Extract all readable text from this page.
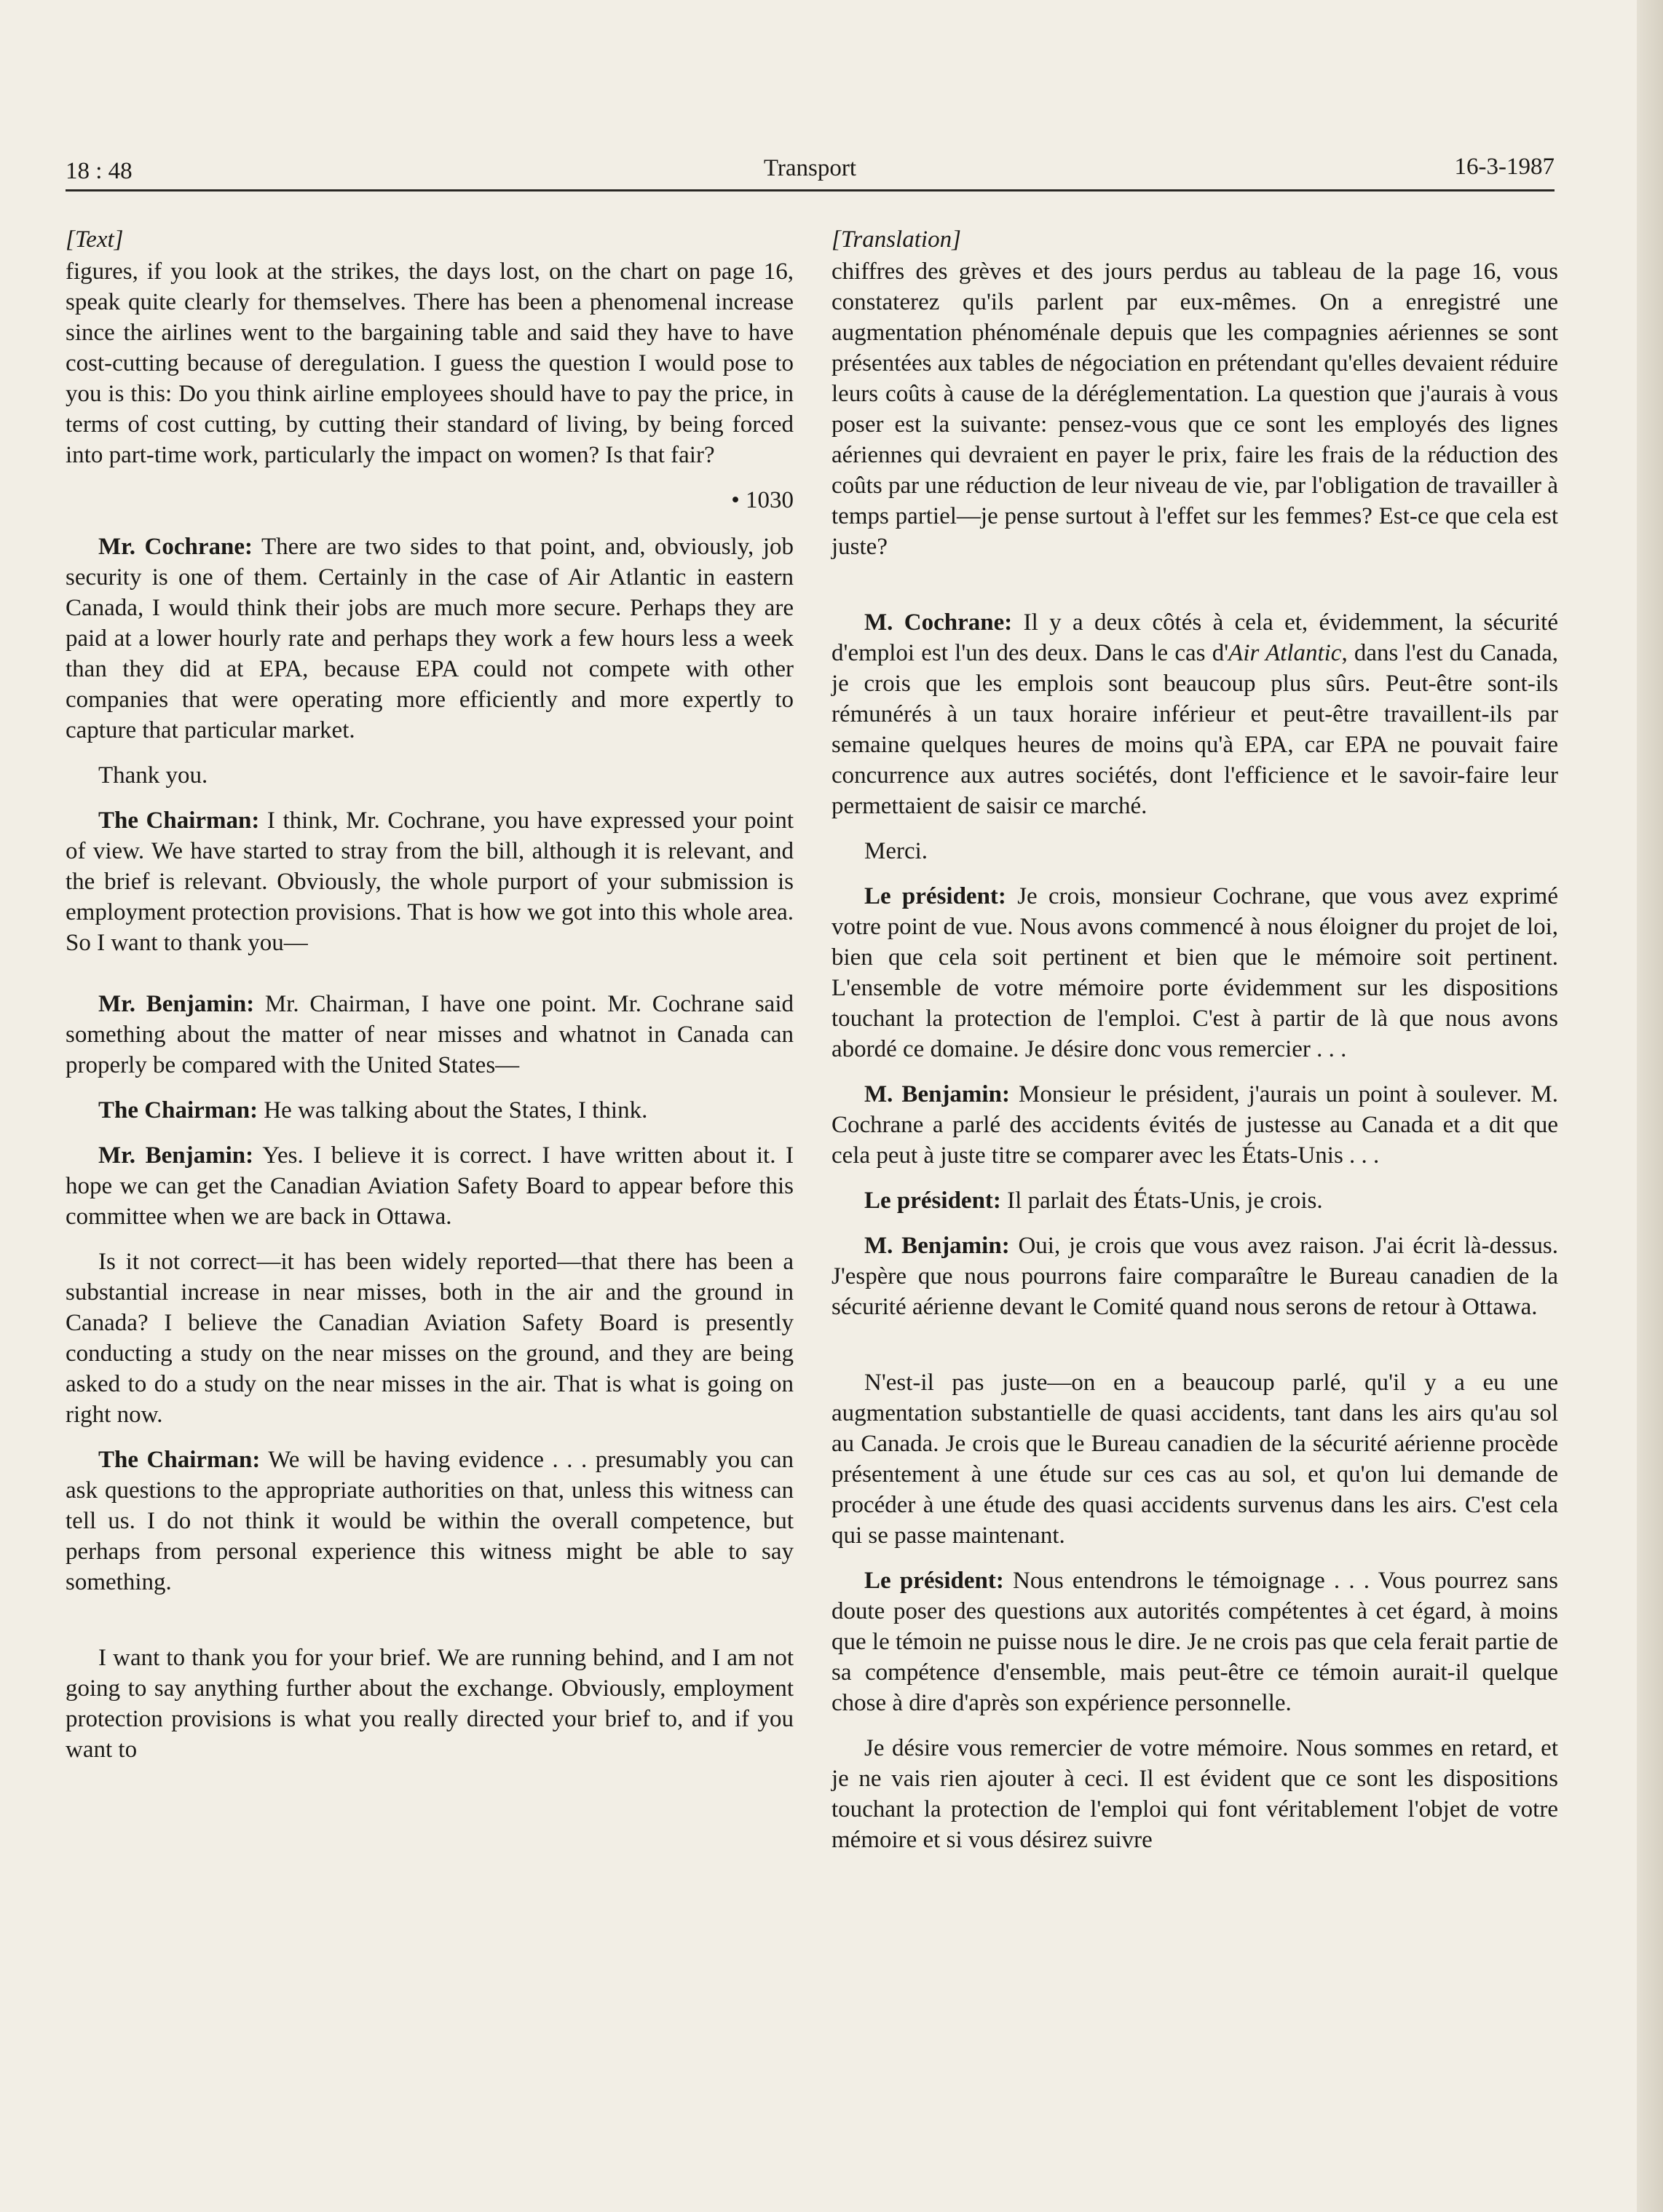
18 : 48	Transport	16-3-1987

[Text]

figures, if you look at the strikes, the days lost, on the chart on page 16, speak quite clearly for themselves. There has been a phenomenal increase since the airlines went to the bargaining table and said they have to have cost-cutting because of deregulation. I guess the question I would pose to you is this: Do you think airline employees should have to pay the price, in terms of cost cutting, by cutting their standard of living, by being forced into part-time work, particularly the impact on women? Is that fair?

• 1030

Mr. Cochrane: There are two sides to that point, and, obviously, job security is one of them. Certainly in the case of Air Atlantic in eastern Canada, I would think their jobs are much more secure. Perhaps they are paid at a lower hourly rate and perhaps they work a few hours less a week than they did at EPA, because EPA could not compete with other companies that were operating more efficiently and more expertly to capture that particular market.

Thank you.

The Chairman: I think, Mr. Cochrane, you have expressed your point of view. We have started to stray from the bill, although it is relevant, and the brief is relevant. Obviously, the whole purport of your submission is employment protection provisions. That is how we got into this whole area. So I want to thank you—

Mr. Benjamin: Mr. Chairman, I have one point. Mr. Cochrane said something about the matter of near misses and whatnot in Canada can properly be compared with the United States—

The Chairman: He was talking about the States, I think.

Mr. Benjamin: Yes. I believe it is correct. I have written about it. I hope we can get the Canadian Aviation Safety Board to appear before this committee when we are back in Ottawa.

Is it not correct—it has been widely reported—that there has been a substantial increase in near misses, both in the air and the ground in Canada? I believe the Canadian Aviation Safety Board is presently conducting a study on the near misses on the ground, and they are being asked to do a study on the near misses in the air. That is what is going on right now.

The Chairman: We will be having evidence . . . presumably you can ask questions to the appropriate authorities on that, unless this witness can tell us. I do not think it would be within the overall competence, but perhaps from personal experience this witness might be able to say something.

I want to thank you for your brief. We are running behind, and I am not going to say anything further about the exchange. Obviously, employment protection provisions is what you really directed your brief to, and if you want to

[Translation]

chiffres des grèves et des jours perdus au tableau de la page 16, vous constaterez qu'ils parlent par eux-mêmes. On a enregistré une augmentation phénoménale depuis que les compagnies aériennes se sont présentées aux tables de négociation en prétendant qu'elles devaient réduire leurs coûts à cause de la déréglementation. La question que j'aurais à vous poser est la suivante: pensez-vous que ce sont les employés des lignes aériennes qui devraient en payer le prix, faire les frais de la réduction des coûts par une réduction de leur niveau de vie, par l'obligation de travailler à temps partiel—je pense surtout à l'effet sur les femmes? Est-ce que cela est juste?

M. Cochrane: Il y a deux côtés à cela et, évidemment, la sécurité d'emploi est l'un des deux. Dans le cas d'Air Atlantic, dans l'est du Canada, je crois que les emplois sont beaucoup plus sûrs. Peut-être sont-ils rémunérés à un taux horaire inférieur et peut-être travaillent-ils par semaine quelques heures de moins qu'à EPA, car EPA ne pouvait faire concurrence aux autres sociétés, dont l'efficience et le savoir-faire leur permettaient de saisir ce marché.

Merci.

Le président: Je crois, monsieur Cochrane, que vous avez exprimé votre point de vue. Nous avons commencé à nous éloigner du projet de loi, bien que cela soit pertinent et bien que le mémoire soit pertinent. L'ensemble de votre mémoire porte évidemment sur les dispositions touchant la protection de l'emploi. C'est à partir de là que nous avons abordé ce domaine. Je désire donc vous remercier . . .

M. Benjamin: Monsieur le président, j'aurais un point à soulever. M. Cochrane a parlé des accidents évités de justesse au Canada et a dit que cela peut à juste titre se comparer avec les États-Unis . . .

Le président: Il parlait des États-Unis, je crois.

M. Benjamin: Oui, je crois que vous avez raison. J'ai écrit là-dessus. J'espère que nous pourrons faire comparaître le Bureau canadien de la sécurité aérienne devant le Comité quand nous serons de retour à Ottawa.

N'est-il pas juste—on en a beaucoup parlé, qu'il y a eu une augmentation substantielle de quasi accidents, tant dans les airs qu'au sol au Canada. Je crois que le Bureau canadien de la sécurité aérienne procède présentement à une étude sur ces cas au sol, et qu'on lui demande de procéder à une étude des quasi accidents survenus dans les airs. C'est cela qui se passe maintenant.

Le président: Nous entendrons le témoignage . . . Vous pourrez sans doute poser des questions aux autorités compétentes à cet égard, à moins que le témoin ne puisse nous le dire. Je ne crois pas que cela ferait partie de sa compétence d'ensemble, mais peut-être ce témoin aurait-il quelque chose à dire d'après son expérience personnelle.

Je désire vous remercier de votre mémoire. Nous sommes en retard, et je ne vais rien ajouter à ceci. Il est évident que ce sont les dispositions touchant la protection de l'emploi qui font véritablement l'objet de votre mémoire et si vous désirez suivre
